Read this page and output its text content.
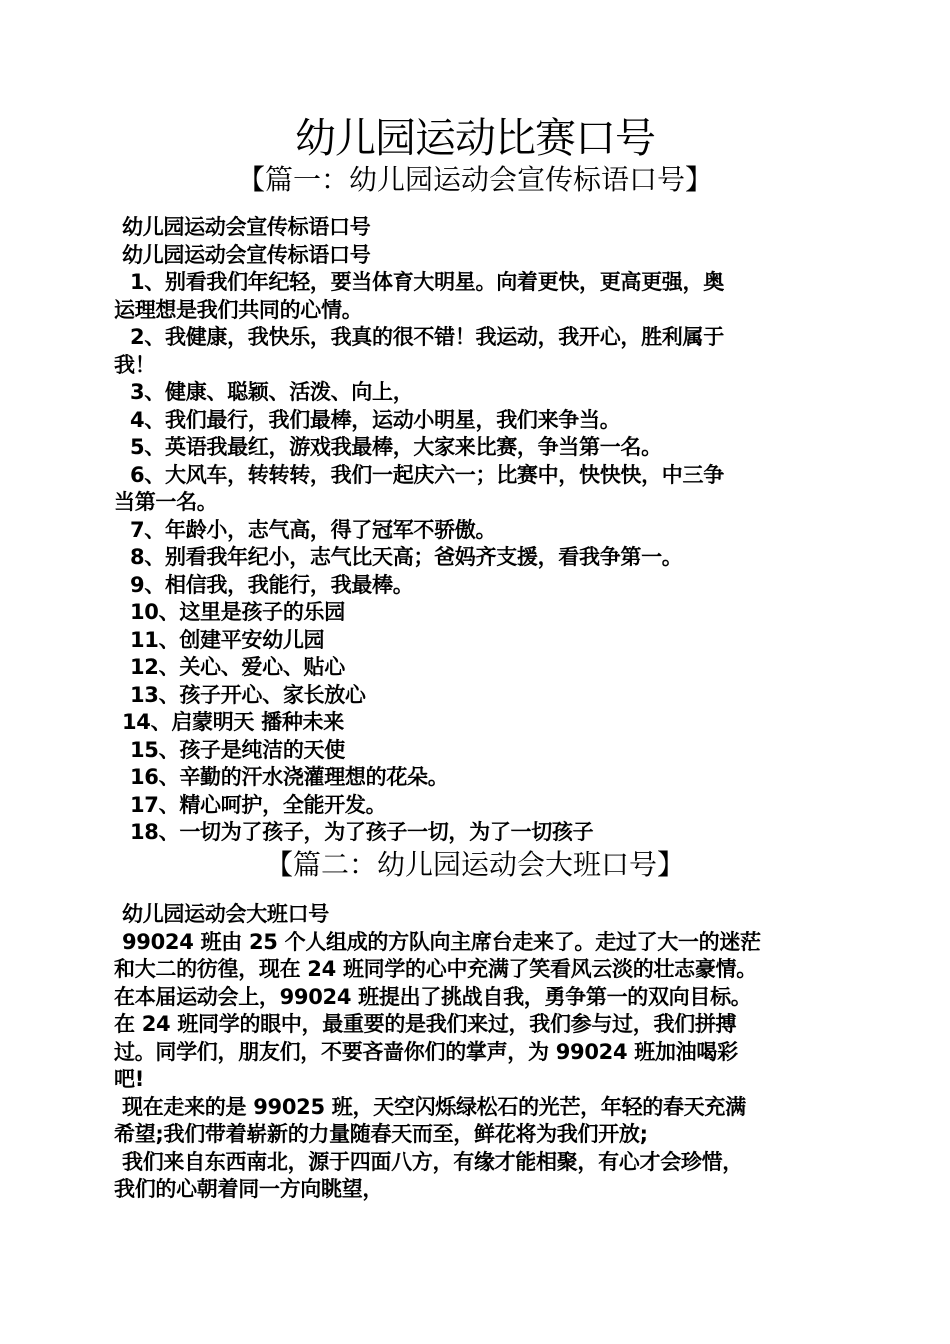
幼儿园运动比赛口号
【篇一：幼儿园运动会宣传标语口号】
幼儿园运动会宣传标语口号
幼儿园运动会宣传标语口号
1、别看我们年纪轻，要当体育大明星。向着更快，更高更强，奥
运理想是我们共同的心情。
2、我健康，我快乐，我真的很不错！我运动，我开心，胜利属于
我！
3、健康、聪颖、活泼、向上，
4、我们最行，我们最棒，运动小明星，我们来争当。
5、英语我最红，游戏我最棒，大家来比赛，争当第一名。
6、大风车，转转转，我们一起庆六一；比赛中，快快快，中三争
当第一名。
7、年龄小，志气高，得了冠军不骄傲。
8、别看我年纪小，志气比天高；爸妈齐支援，看我争第一。
9、相信我，我能行，我最棒。
10、这里是孩子的乐园
11、创建平安幼儿园
12、关心、爱心、贴心
13、孩子开心、家长放心
14、启蒙明天 播种未来
15、孩子是纯洁的天使
16、辛勤的汗水浇灌理想的花朵。
17、精心呵护，全能开发。
18、一切为了孩子，为了孩子一切，为了一切孩子
【篇二：幼儿园运动会大班口号】
幼儿园运动会大班口号
99024 班由 25 个人组成的方队向主席台走来了。走过了大一的迷茫
和大二的彷徨，现在 24 班同学的心中充满了笑看风云淡的壮志豪情。
在本届运动会上，99024 班提出了挑战自我，勇争第一的双向目标。
在 24 班同学的眼中，最重要的是我们来过，我们参与过，我们拼搏
过。同学们，朋友们，不要吝啬你们的掌声，为 99024 班加油喝彩
吧!
现在走来的是 99025 班，天空闪烁绿松石的光芒，年轻的春天充满
希望;我们带着崭新的力量随春天而至，鲜花将为我们开放;
我们来自东西南北，源于四面八方，有缘才能相聚，有心才会珍惜，
我们的心朝着同一方向眺望，
